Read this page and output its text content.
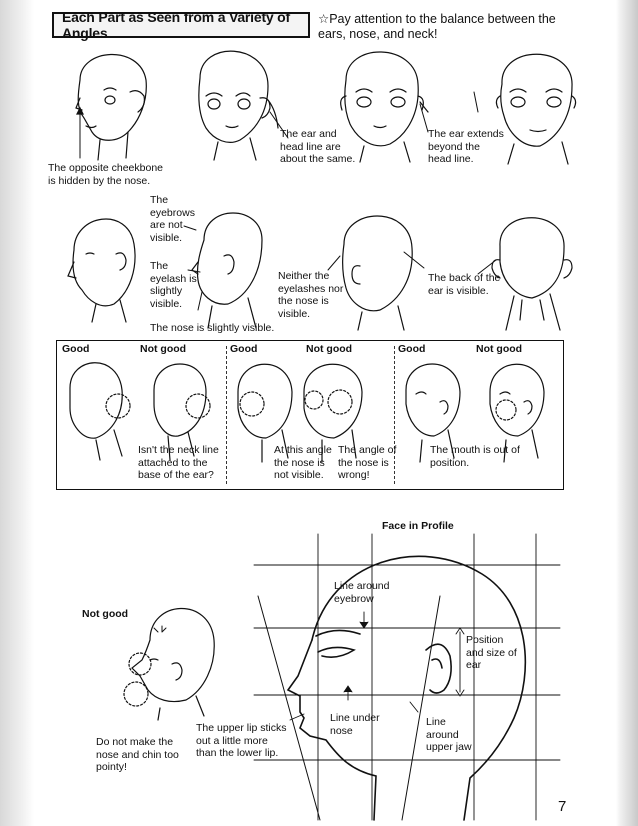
Each Part as Seen from a Variety of Angles
☆Pay attention to the balance between the ears, nose, and neck!
The opposite cheekbone
is hidden by the nose.
The ear and
head line are
about the same.
The ear extends
beyond the
head line.
The
eyebrows
are not
visible.
The
eyelash is
slightly
visible.
The nose is slightly visible.
Neither the
eyelashes nor
the nose is
visible.
The back of the
ear is visible.
Good	Not good	Good	Not good	Good	Not good
Isn't the neck line
attached to the
base of the ear?
At this angle
the nose is
not visible.
The angle of
the nose is
wrong!
The mouth is out of
position.
Face in Profile
Line around
eyebrow
Position
and size of
ear
Line under
nose
Line
around
upper jaw
The upper lip sticks
out a little more
than the lower lip.
Not good
Do not make the
nose and chin too
pointy!
7
